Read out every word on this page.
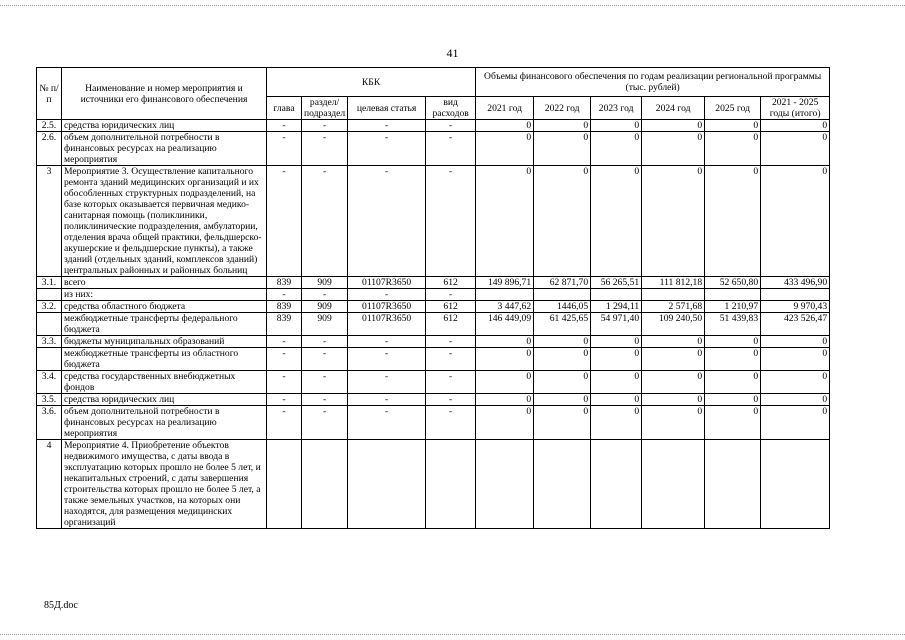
41
№ п/п	Наименование и номер мероприятия и источники его финансового обеспечения	КБК				Объемы финансового обеспечения по годам реализации региональной программы (тыс. рублей)					
		глава	раздел/ подраздел	целевая статья	вид расходов	2021 год	2022 год	2023 год	2024 год	2025 год	2021 - 2025 годы (итого)
2.5.	средства юридических лиц	-	-	-	-	0	0	0	0	0	0
2.6.	объем дополнительной потребности в финансовых ресурсах на реализацию мероприятия	-	-	-	-	0	0	0	0	0	0
3	Мероприятие 3. Осуществление капитального ремонта зданий медицинских организаций и их обособленных структурных подразделений, на базе которых оказывается первичная медико-санитарная помощь (поликлиники, поликлинические подразделения, амбулатории, отделения врача общей практики, фельдшерско-акушерские и фельдшерские пункты), а также зданий (отдельных зданий, комплексов зданий) центральных районных и районных больниц	-	-	-	-	0	0	0	0	0	0
3.1.	всего	839	909	01107R3650	612	149 896,71	62 871,70	56 265,51	111 812,18	52 650,80	433 496,90
	из них:	-	-	-	-						
3.2.	средства областного бюджета	839	909	01107R3650	612	3 447,62	1446,05	1 294,11	2 571,68	1 210,97	9 970,43
	межбюджетные трансферты федерального бюджета	839	909	01107R3650	612	146 449,09	61 425,65	54 971,40	109 240,50	51 439,83	423 526,47
3.3.	бюджеты муниципальных образований	-	-	-	-	0	0	0	0	0	0
	межбюджетные трансферты из областного бюджета	-	-	-	-	0	0	0	0	0	0
3.4.	средства государственных внебюджетных фондов	-	-	-	-	0	0	0	0	0	0
3.5.	средства юридических лиц	-	-	-	-	0	0	0	0	0	0
3.6.	объем дополнительной потребности в финансовых ресурсах на реализацию мероприятия	-	-	-	-	0	0	0	0	0	0
4	Мероприятие 4. Приобретение объектов недвижимого имущества, с даты ввода в эксплуатацию которых прошло не более 5 лет, и некапитальных строений, с даты завершения строительства которых прошло не более 5 лет, а также земельных участков, на которых они находятся, для размещения медицинских организаций										
85Д.doc
